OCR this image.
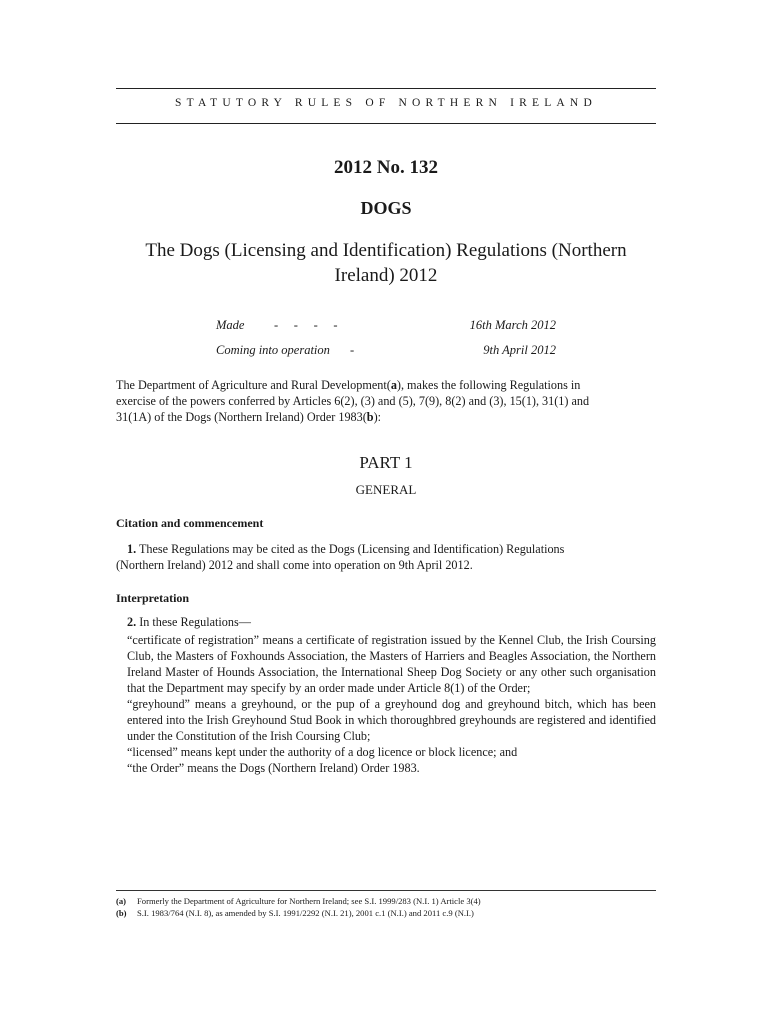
STATUTORY RULES OF NORTHERN IRELAND
2012 No. 132
DOGS
The Dogs (Licensing and Identification) Regulations (Northern
Ireland) 2012
Made -     -     -     -	16th March 2012
Coming into operation -	9th April 2012
The Department of Agriculture and Rural Development(a), makes the following Regulations in
exercise of the powers conferred by Articles 6(2), (3) and (5), 7(9), 8(2) and (3), 15(1), 31(1) and
31(1A) of the Dogs (Northern Ireland) Order 1983(b):
PART 1
GENERAL
Citation and commencement
1. These Regulations may be cited as the Dogs (Licensing and Identification) Regulations
(Northern Ireland) 2012 and shall come into operation on 9th April 2012.
Interpretation
2. In these Regulations—

“certificate of registration” means a certificate of registration issued by the Kennel Club, the Irish Coursing Club, the Masters of Foxhounds Association, the Masters of Harriers and Beagles Association, the Northern Ireland Master of Hounds Association, the International Sheep Dog Society or any other such organisation that the Department may specify by an order made under Article 8(1) of the Order;

“greyhound” means a greyhound, or the pup of a greyhound dog and greyhound bitch, which has been entered into the Irish Greyhound Stud Book in which thoroughbred greyhounds are registered and identified under the Constitution of the Irish Coursing Club;

“licensed” means kept under the authority of a dog licence or block licence; and

“the Order” means the Dogs (Northern Ireland) Order 1983.

(a) Formerly the Department of Agriculture for Northern Ireland; see S.I. 1999/283 (N.I. 1) Article 3(4)
(b) S.I. 1983/764 (N.I. 8), as amended by S.I. 1991/2292 (N.I. 21), 2001 c.1 (N.I.) and 2011 c.9 (N.I.)
